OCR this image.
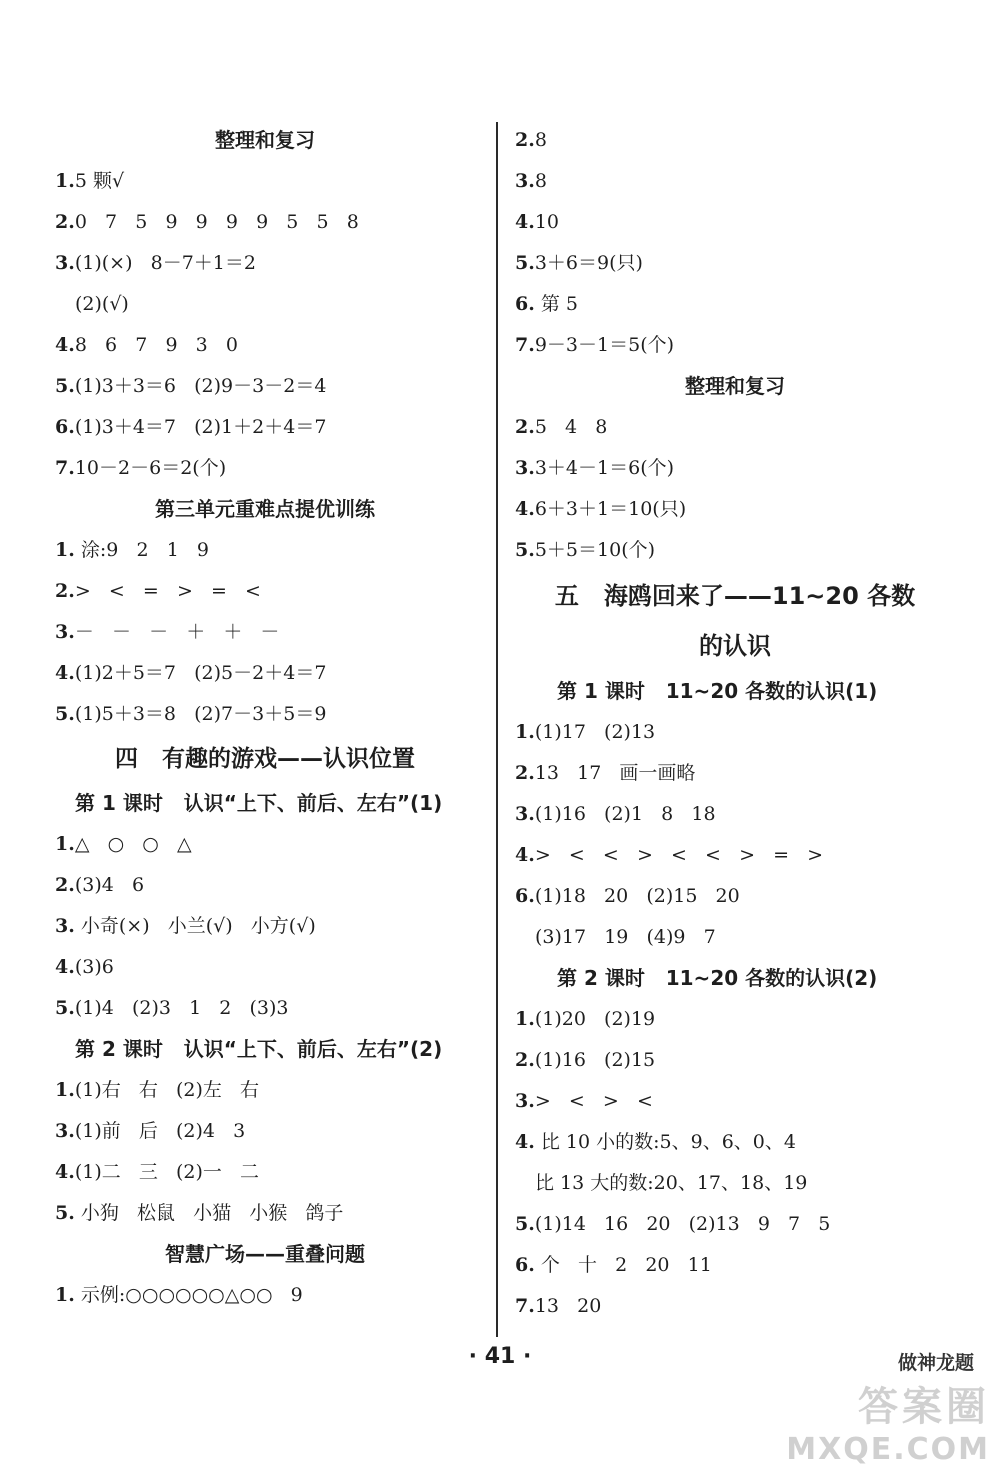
整理和复习
1.5 颗√
2.0   7   5   9   9   9   9   5   5   8
3.(1)(×)   8－7＋1＝2
(2)(√)
4.8   6   7   9   3   0
5.(1)3＋3＝6   (2)9－3－2＝4
6.(1)3＋4＝7   (2)1＋2＋4＝7
7.10－2－6＝2(个)
第三单元重难点提优训练
1. 涂:9   2   1   9
2.>   <   =   >   =   <
3.－   －   －   ＋   ＋   －
4.(1)2＋5＝7   (2)5－2＋4＝7
5.(1)5＋3＝8   (2)7－3＋5＝9
四   有趣的游戏——认识位置
第 1 课时   认识“上下、前后、左右”(1)
1.△   ○   ○   △
2.(3)4   6
3. 小奇(×)   小兰(√)   小方(√)
4.(3)6
5.(1)4   (2)3   1   2   (3)3
第 2 课时   认识“上下、前后、左右”(2)
1.(1)右   右   (2)左   右
3.(1)前   后   (2)4   3
4.(1)二   三   (2)一   二
5. 小狗   松鼠   小猫   小猴   鸽子
智慧广场——重叠问题
1. 示例:○○○○○○△○○   9
2.8
3.8
4.10
5.3＋6＝9(只)
6. 第 5
7.9－3－1＝5(个)
整理和复习
2.5   4   8
3.3＋4－1＝6(个)
4.6＋3＋1＝10(只)
5.5＋5＝10(个)
五   海鸥回来了——11~20 各数
的认识
第 1 课时   11~20 各数的认识(1)
1.(1)17   (2)13
2.13   17   画一画略
3.(1)16   (2)1   8   18
4.>   <   <   >   <   <   >   =   >
6.(1)18   20   (2)15   20
(3)17   19   (4)9   7
第 2 课时   11~20 各数的认识(2)
1.(1)20   (2)19
2.(1)16   (2)15
3.>   <   >   <
4. 比 10 小的数:5、9、6、0、4
比 13 大的数:20、17、18、19
5.(1)14   16   20   (2)13   9   7   5
6. 个   十   2   20   11
7.13   20
· 41 ·	做神龙题
答案圈
MXQE.COM
